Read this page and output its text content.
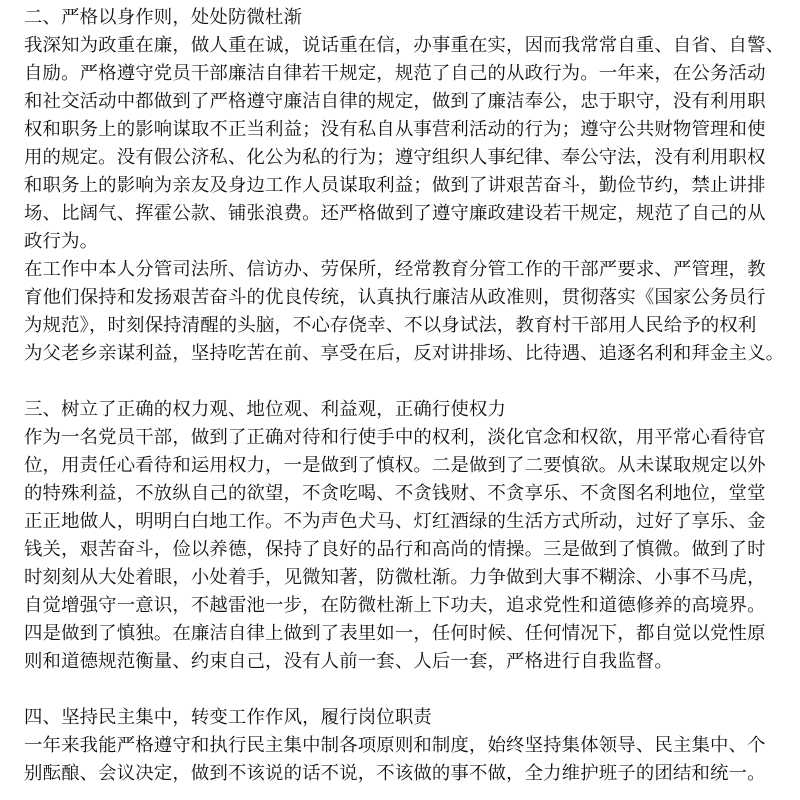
二、严格以身作则，处处防微杜渐
我深知为政重在廉，做人重在诚，说话重在信，办事重在实，因而我常常自重、自省、自警、
自励。严格遵守党员干部廉洁自律若干规定，规范了自己的从政行为。一年来，在公务活动
和社交活动中都做到了严格遵守廉洁自律的规定，做到了廉洁奉公，忠于职守，没有利用职
权和职务上的影响谋取不正当利益；没有私自从事营利活动的行为；遵守公共财物管理和使
用的规定。没有假公济私、化公为私的行为；遵守组织人事纪律、奉公守法，没有利用职权
和职务上的影响为亲友及身边工作人员谋取利益；做到了讲艰苦奋斗，勤俭节约，禁止讲排
场、比阔气、挥霍公款、铺张浪费。还严格做到了遵守廉政建设若干规定，规范了自己的从
政行为。
在工作中本人分管司法所、信访办、劳保所，经常教育分管工作的干部严要求、严管理，教
育他们保持和发扬艰苦奋斗的优良传统，认真执行廉洁从政准则，贯彻落实《国家公务员行
为规范》，时刻保持清醒的头脑，不心存侥幸、不以身试法，教育村干部用人民给予的权利
为父老乡亲谋利益，坚持吃苦在前、享受在后，反对讲排场、比待遇、追逐名利和拜金主义。
三、树立了正确的权力观、地位观、利益观，正确行使权力
作为一名党员干部，做到了正确对待和行使手中的权利，淡化官念和权欲，用平常心看待官
位，用责任心看待和运用权力，一是做到了慎权。二是做到了二要慎欲。从未谋取规定以外
的特殊利益，不放纵自己的欲望，不贪吃喝、不贪钱财、不贪享乐、不贪图名利地位，堂堂
正正地做人，明明白白地工作。不为声色犬马、灯红酒绿的生活方式所动，过好了享乐、金
钱关，艰苦奋斗，俭以养德，保持了良好的品行和高尚的情操。三是做到了慎微。做到了时
时刻刻从大处着眼，小处着手，见微知著，防微杜渐。力争做到大事不糊涂、小事不马虎，
自觉增强守一意识，不越雷池一步，在防微杜渐上下功夫，追求党性和道德修养的高境界。
四是做到了慎独。在廉洁自律上做到了表里如一，任何时候、任何情况下，都自觉以党性原
则和道德规范衡量、约束自己，没有人前一套、人后一套，严格进行自我监督。
四、坚持民主集中，转变工作作风，履行岗位职责
一年来我能严格遵守和执行民主集中制各项原则和制度，始终坚持集体领导、民主集中、个
别酝酿、会议决定，做到不该说的话不说，不该做的事不做，全力维护班子的团结和统一。
